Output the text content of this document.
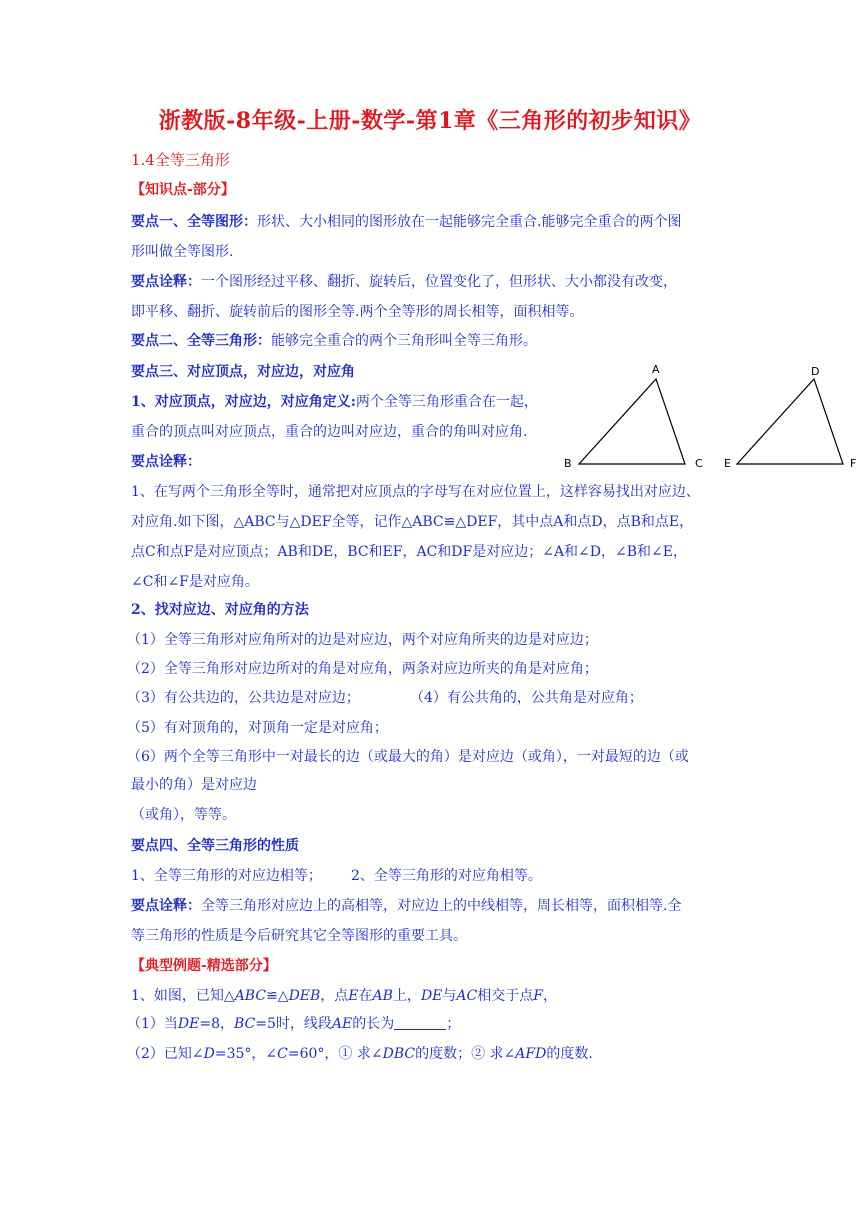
浙教版-8年级-上册-数学-第1章《三角形的初步知识》
1.4全等三角形
【知识点-部分】
要点一、全等图形：形状、大小相同的图形放在一起能够完全重合.能够完全重合的两个图
形叫做全等图形.
要点诠释：一个图形经过平移、翻折、旋转后，位置变化了，但形状、大小都没有改变，
即平移、翻折、旋转前后的图形全等.两个全等形的周长相等，面积相等。
要点二、全等三角形：能够完全重合的两个三角形叫全等三角形。
要点三、对应顶点，对应边，对应角
1、对应顶点，对应边，对应角定义:两个全等三角形重合在一起，
重合的顶点叫对应顶点，重合的边叫对应边，重合的角叫对应角.
要点诠释：
1、在写两个三角形全等时，通常把对应顶点的字母写在对应位置上，这样容易找出对应边、
对应角.如下图，△ABC与△DEF全等，记作△ABC≌△DEF，其中点A和点D，点B和点E，
点C和点F是对应顶点；AB和DE，BC和EF，AC和DF是对应边；∠A和∠D，∠B和∠E，
∠C和∠F是对应角。
2、找对应边、对应角的方法
（1）全等三角形对应角所对的边是对应边，两个对应角所夹的边是对应边；
（2）全等三角形对应边所对的角是对应角，两条对应边所夹的角是对应角；
（3）有公共边的，公共边是对应边；	（4）有公共角的，公共角是对应角；
（5）有对顶角的，对顶角一定是对应角；
（6）两个全等三角形中一对最长的边（或最大的角）是对应边（或角），一对最短的边（或
最小的角）是对应边
（或角），等等。
要点四、全等三角形的性质
1、全等三角形的对应边相等； 2、全等三角形的对应角相等。
要点诠释：全等三角形对应边上的高相等，对应边上的中线相等，周长相等，面积相等.全
等三角形的性质是今后研究其它全等图形的重要工具。
【典型例题-精选部分】
1、如图，已知△ABC≌△DEB，点E在AB上，DE与AC相交于点F，
（1）当DE=8，BC=5时，线段AE的长为	；
（2）已知∠D=35°，∠C=60°，① 求∠DBC的度数；② 求∠AFD的度数.
A
B	C
D
E	F
